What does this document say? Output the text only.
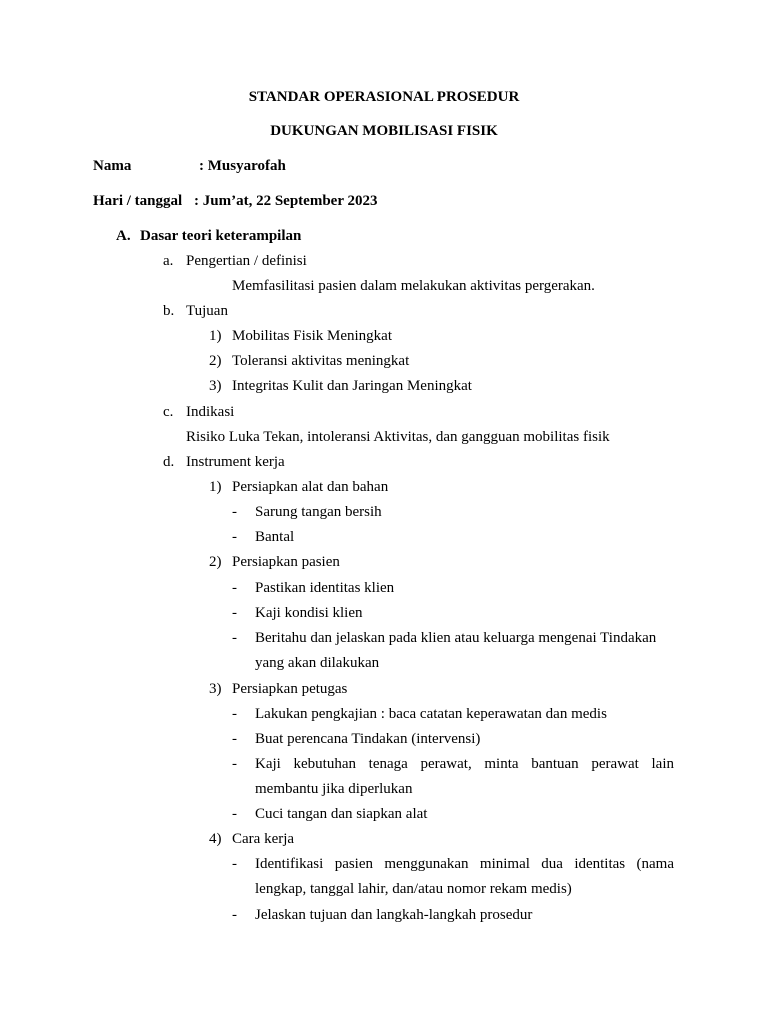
STANDAR OPERASIONAL PROSEDUR
DUKUNGAN MOBILISASI FISIK
Nama	: Musyarofah
Hari / tanggal : Jum’at, 22 September 2023
A. Dasar teori keterampilan
a. Pengertian / definisi
Memfasilitasi pasien dalam melakukan aktivitas pergerakan.
b. Tujuan
1) Mobilitas Fisik Meningkat
2) Toleransi aktivitas meningkat
3) Integritas Kulit dan Jaringan Meningkat
c. Indikasi
Risiko Luka Tekan, intoleransi Aktivitas, dan gangguan mobilitas fisik
d. Instrument kerja
1) Persiapkan alat dan bahan
- Sarung tangan bersih
- Bantal
2) Persiapkan pasien
- Pastikan identitas klien
- Kaji kondisi klien
- Beritahu dan jelaskan pada klien atau keluarga mengenai Tindakan
yang akan dilakukan
3) Persiapkan petugas
- Lakukan pengkajian : baca catatan keperawatan dan medis
- Buat perencana Tindakan (intervensi)
- Kaji kebutuhan tenaga perawat, minta bantuan perawat lain
membantu jika diperlukan
- Cuci tangan dan siapkan alat
4) Cara kerja
- Identifikasi pasien menggunakan minimal dua identitas (nama
lengkap, tanggal lahir, dan/atau nomor rekam medis)
- Jelaskan tujuan dan langkah-langkah prosedur
